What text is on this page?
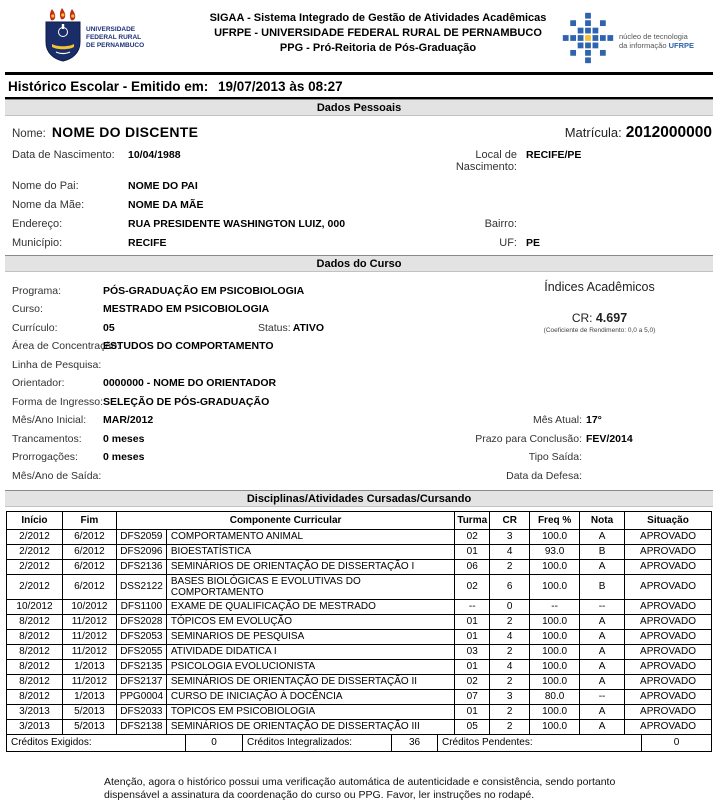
UNIVERSIDADE
FEDERAL RURAL
DE PERNAMBUCO
SIGAA - Sistema Integrado de Gestão de Atividades Acadêmicas
UFRPE - UNIVERSIDADE FEDERAL RURAL DE PERNAMBUCO
PPG - Pró-Reitoria de Pós-Graduação
núcleo de tecnologia
da informação UFRPE
Histórico Escolar - Emitido em: 19/07/2013 às 08:27
Dados Pessoais
Nome: NOME DO DISCENTE	Matrícula: 2012000000
Data de Nascimento:	10/04/1988	Local de Nascimento:
RECIFE/PE
Nome do Pai:	NOME DO PAI
Nome da Mãe:	NOME DA MÃE
Endereço:	RUA PRESIDENTE WASHINGTON LUIZ, 000	Bairro:
Município:	RECIFE	UF: PE
Dados do Curso
Índices Acadêmicos
CR: 4.697
(Coeficiente de Rendimento: 0,0 a 5,0)
Programa:	PÓS-GRADUAÇÃO EM PSICOBIOLOGIA
Curso:	MESTRADO EM PSICOBIOLOGIA
Currículo:	05	Status: ATIVO
Área de Concentração:
ESTUDOS DO COMPORTAMENTO
Linha de Pesquisa:
Orientador:	0000000 - NOME DO ORIENTADOR
Forma de Ingresso: SELEÇÃO DE PÓS-GRADUAÇÃO
Mês/Ano Inicial:	MAR/2012	Mês Atual: 17°
Trancamentos:	0 meses	Prazo para Conclusão: FEV/2014
Prorrogações:	0 meses	Tipo Saída:
Mês/Ano de Saída:	Data da Defesa:
Disciplinas/Atividades Cursadas/Cursando
Início	Fim	Componente Curricular		Turma	CR	Freq %	Nota	Situação
2/2012	6/2012	DFS2059	COMPORTAMENTO ANIMAL	02	3	100.0	A	APROVADO
2/2012	6/2012	DFS2096	BIOESTATÍSTICA	01	4	93.0	B	APROVADO
2/2012	6/2012	DFS2136	SEMINÁRIOS DE ORIENTAÇÃO DE DISSERTAÇÃO I	06	2	100.0	A	APROVADO
2/2012	6/2012	DSS2122	BASES BIOLÓGICAS E EVOLUTIVAS DO COMPORTAMENTO	02	6	100.0	B	APROVADO
10/2012	10/2012	DFS1100	EXAME DE QUALIFICAÇÃO DE MESTRADO	--	0	--	--	APROVADO
8/2012	11/2012	DFS2028	TÓPICOS EM EVOLUÇÃO	01	2	100.0	A	APROVADO
8/2012	11/2012	DFS2053	SEMINARIOS DE PESQUISA	01	4	100.0	A	APROVADO
8/2012	11/2012	DFS2055	ATIVIDADE DIDATICA I	03	2	100.0	A	APROVADO
8/2012	1/2013	DFS2135	PSICOLOGIA EVOLUCIONISTA	01	4	100.0	A	APROVADO
8/2012	11/2012	DFS2137	SEMINÁRIOS DE ORIENTAÇÃO DE DISSERTAÇÃO II	02	2	100.0	A	APROVADO
8/2012	1/2013	PPG0004	CURSO DE INICIAÇÃO À DOCÊNCIA	07	3	80.0	--	APROVADO
3/2013	5/2013	DFS2033	TOPICOS EM PSICOBIOLOGIA	01	2	100.0	A	APROVADO
3/2013	5/2013	DFS2138	SEMINÁRIOS DE ORIENTAÇÃO DE DISSERTAÇÃO III	05	2	100.0	A	APROVADO
Créditos Exigidos:	0	Créditos Integralizados:	36	Créditos Pendentes:	0
Atenção, agora o histórico possui uma verificação automática de autenticidade e consistência, sendo portanto dispensável a assinatura da coordenação do curso ou PPG. Favor, ler instruções no rodapé.
